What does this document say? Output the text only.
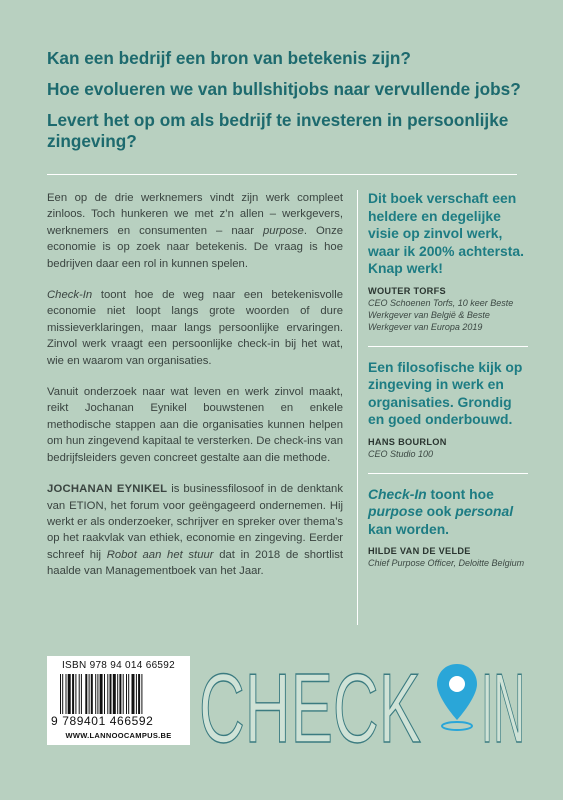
Kan een bedrijf een bron van betekenis zijn?

Hoe evolueren we van bullshitjobs naar vervullende jobs?

Levert het op om als bedrijf te investeren in persoonlijke zingeving?

Een op de drie werknemers vindt zijn werk compleet zinloos. Toch hunkeren we met z’n allen – werkgevers, werknemers en consumenten – naar purpose. Onze economie is op zoek naar betekenis. De vraag is hoe bedrijven daar een rol in kunnen spelen.

Check-In toont hoe de weg naar een betekenisvolle economie niet loopt langs grote woorden of dure missieverklaringen, maar langs persoonlijke ervaringen. Zinvol werk vraagt een persoonlijke check-in bij het wat, wie en waarom van organisaties.

Vanuit onderzoek naar wat leven en werk zinvol maakt, reikt Jochanan Eynikel bouwstenen en enkele methodische stappen aan die organisaties kunnen helpen om hun zingevend kapitaal te versterken. De check-ins van bedrijfsleiders geven concreet gestalte aan die methode.

JOCHANAN EYNIKEL is businessfilosoof in de denktank van ETION, het forum voor geëngageerd ondernemen. Hij werkt er als onderzoeker, schrijver en spreker over thema’s op het raakvlak van ethiek, economie en zingeving. Eerder schreef hij Robot aan het stuur dat in 2018 de shortlist haalde van Managementboek van het Jaar.

Dit boek verschaft een heldere en degelijke visie op zinvol werk, waar ik 200% achtersta. Knap werk!

WOUTER TORFS

CEO Schoenen Torfs, 10 keer Beste Werkgever van België & Beste Werkgever van Europa 2019

Een filosofische kijk op zingeving in werk en organisaties. Grondig en goed onderbouwd.

HANS BOURLON

CEO Studio 100

Check-In toont hoe purpose ook personal kan worden.

HILDE VAN DE VELDE

Chief Purpose Officer, Deloitte Belgium

ISBN 978 94 014 66592
9 789401 466592
WWW.LANNOOCAMPUS.BE CHECK IN
